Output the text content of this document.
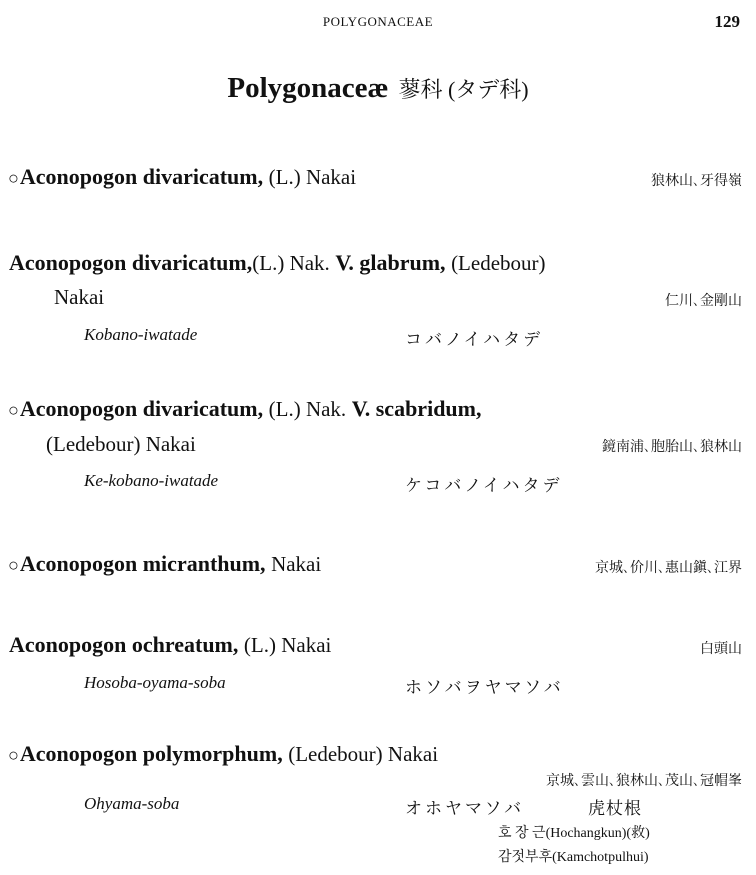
POLYGONACEAE	129
Polygonaceæ 蓼科 (タデ科)
○Aconopogon divaricatum, (L.) Nakai	狼林山､牙得嶺
Aconopogon divaricatum,(L.) Nak. V. glabrum, (Ledebour)
Nakai	仁川､金剛山
Kobano-iwatade	コバノイハタデ
○Aconopogon divaricatum, (L.) Nak. V. scabridum,
(Ledebour) Nakai	鏡南浦､胞胎山､狼林山
Ke-kobano-iwatade	ケコバノイハタデ
○Aconopogon micranthum, Nakai	京城､价川､惠山鎭､江界
Aconopogon ochreatum, (L.) Nakai	白頭山
Hosoba-oyama-soba	ホソバヲヤマソバ
○Aconopogon polymorphum, (Ledebour) Nakai
京城､雲山､狼林山､茂山､冠帽峯
Ohyama-soba	オホヤマソバ	虎杖根
호 장 근(Hochangkun)(救)
감젓부후(Kamchotpulhui)
